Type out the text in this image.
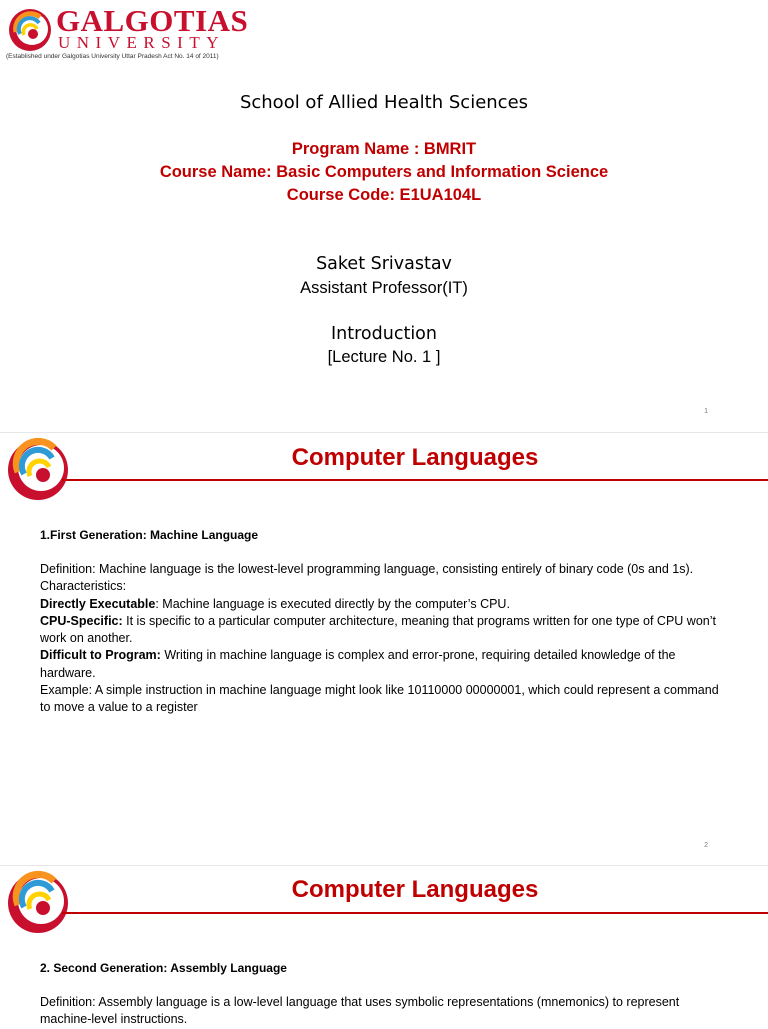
GALGOTIAS
UNIVERSITY
(Established under Galgotias University Uttar Pradesh Act No. 14 of 2011)
School of Allied Health Sciences
Program Name : BMRIT
Course Name: Basic Computers and Information Science
Course Code: E1UA104L
Saket Srivastav
Assistant Professor(IT)
Introduction
[Lecture No. 1 ]
1
Computer Languages
1.First Generation: Machine Language

Definition: Machine language is the lowest-level programming language, consisting entirely of binary code (0s and 1s).

Characteristics:

Directly Executable: Machine language is executed directly by the computer’s CPU.

CPU-Specific: It is specific to a particular computer architecture, meaning that programs written for one type of CPU won’t work on another.

Difficult to Program: Writing in machine language is complex and error-prone, requiring detailed knowledge of the hardware.

Example: A simple instruction in machine language might look like 10110000 00000001, which could represent a command to move a value to a register

2
Computer Languages
2. Second Generation: Assembly Language

Definition: Assembly language is a low-level language that uses symbolic representations (mnemonics) to represent machine-level instructions.
